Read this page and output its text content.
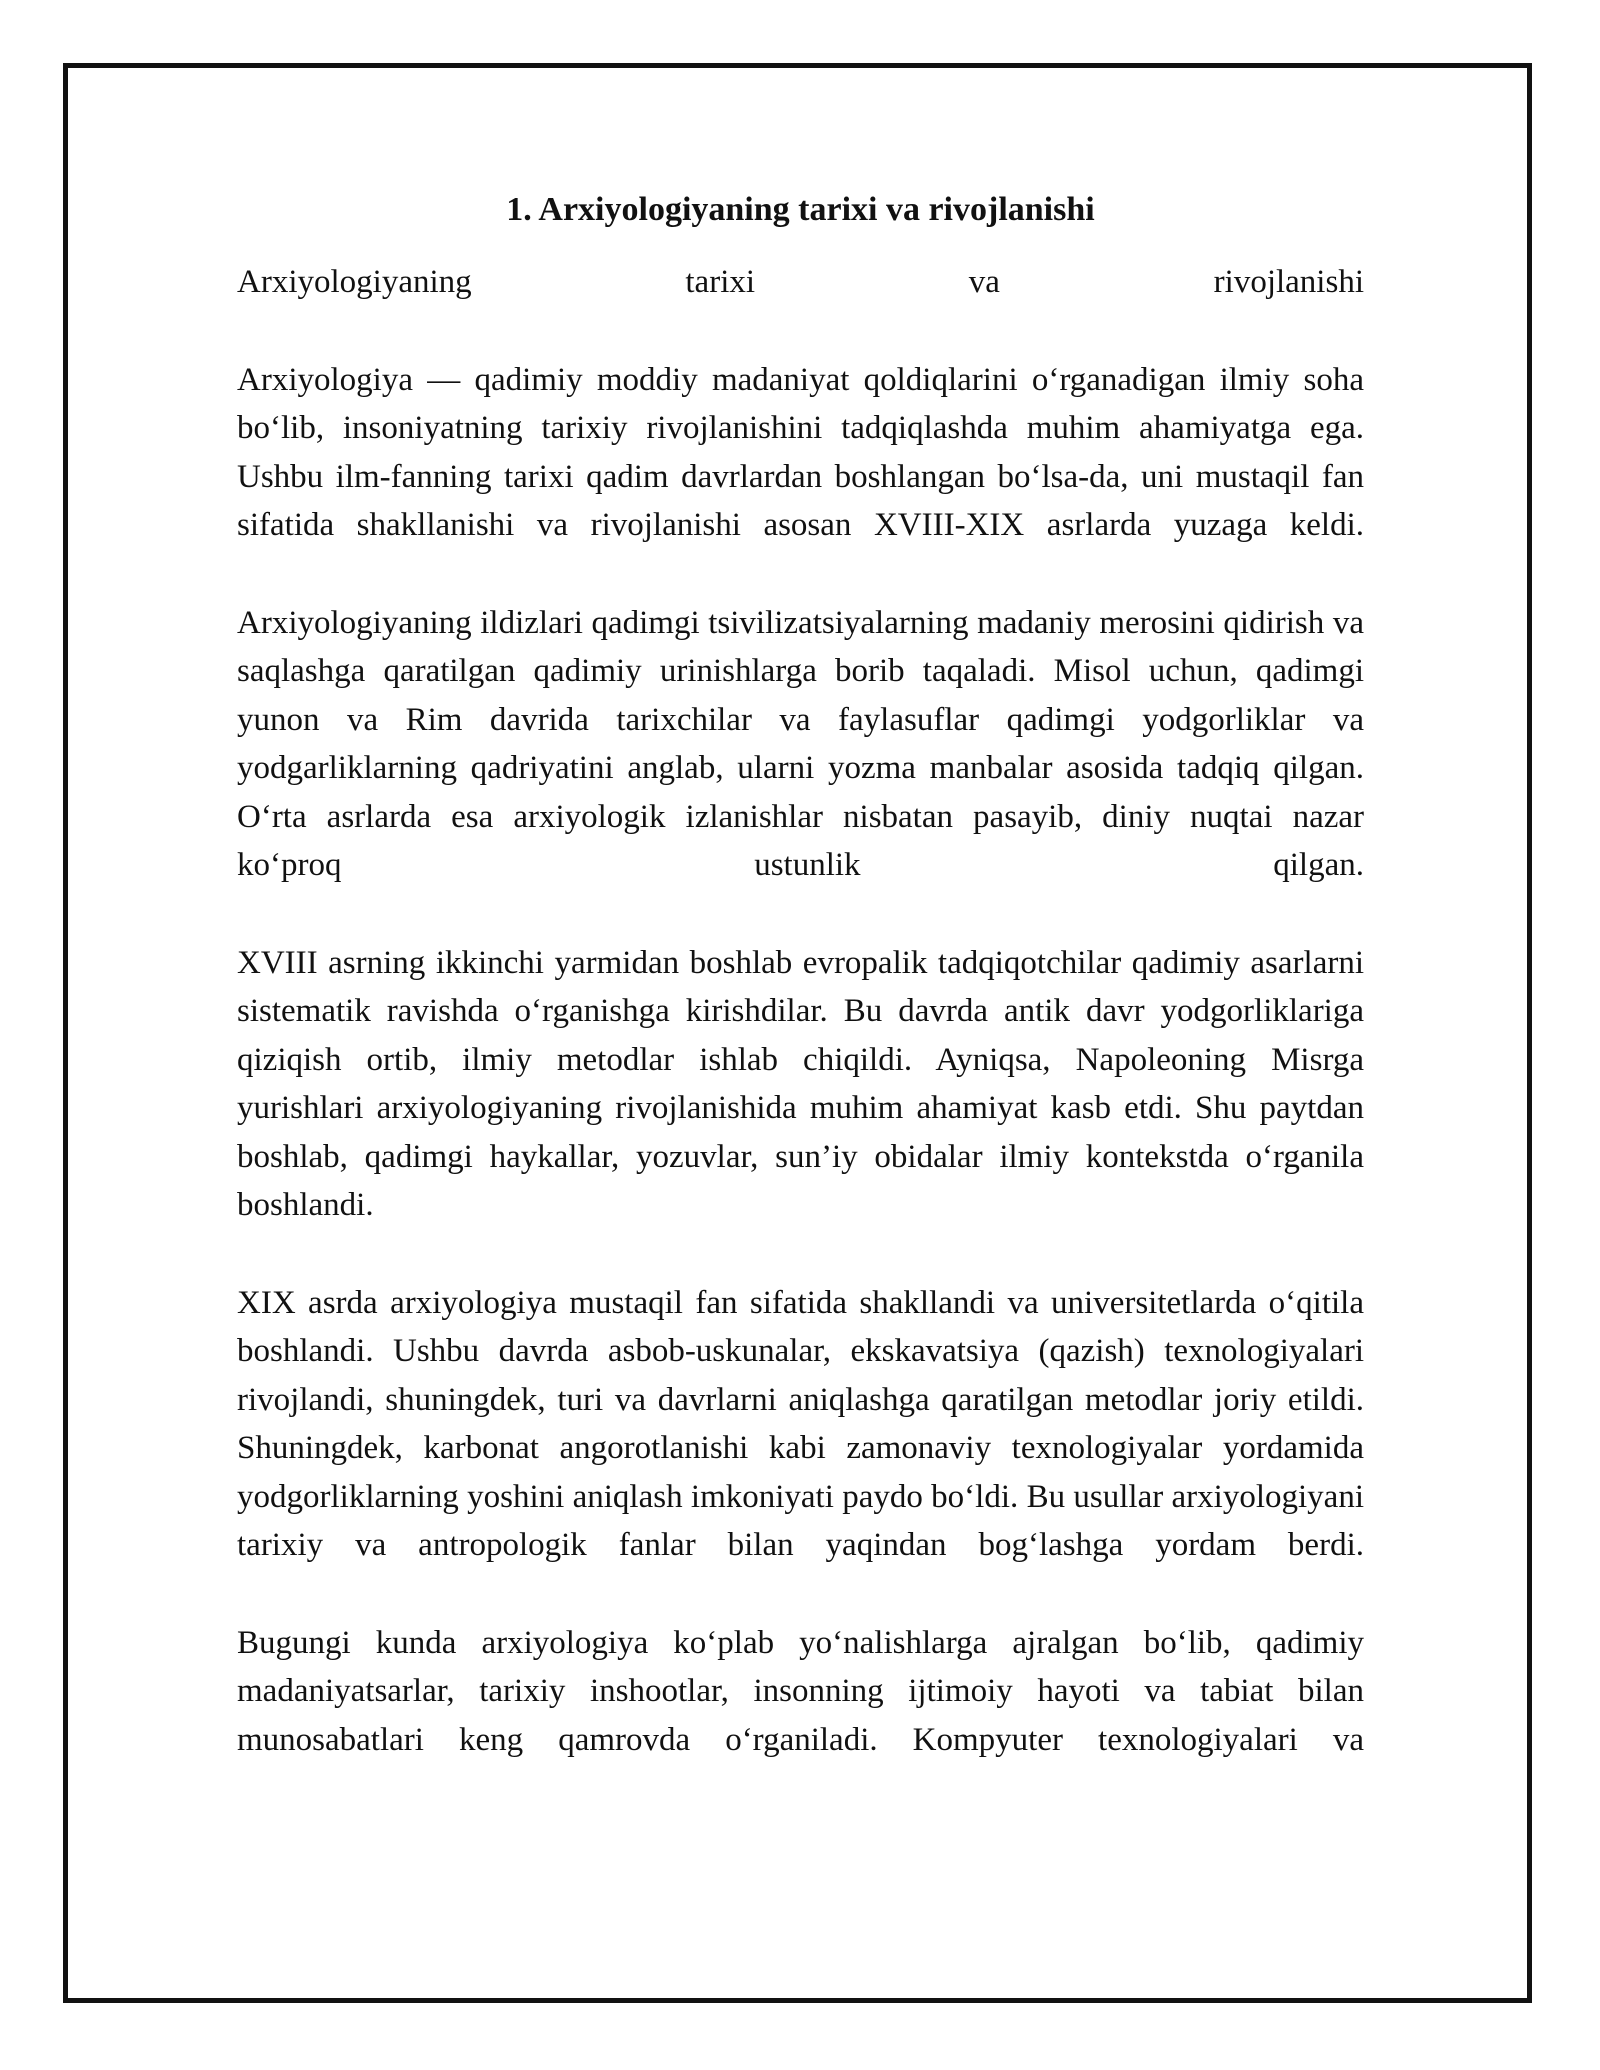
1. Arxiyologiyaning tarixi va rivojlanishi

Arxiyologiyaning tarixi va rivojlanishi

Arxiyologiya — qadimiy moddiy madaniyat qoldiqlarini oʻrganadigan ilmiy soha boʻlib, insoniyatning tarixiy rivojlanishini tadqiqlashda muhim ahamiyatga ega. Ushbu ilm-fanning tarixi qadim davrlardan boshlangan boʻlsa-da, uni mustaqil fan sifatida shakllanishi va rivojlanishi asosan XVIII-XIX asrlarda yuzaga keldi.

Arxiyologiyaning ildizlari qadimgi tsivilizatsiyalarning madaniy merosini qidirish va saqlashga qaratilgan qadimiy urinishlarga borib taqaladi. Misol uchun, qadimgi yunon va Rim davrida tarixchilar va faylasuflar qadimgi yodgorliklar va yodgarliklarning qadriyatini anglab, ularni yozma manbalar asosida tadqiq qilgan. Oʻrta asrlarda esa arxiyologik izlanishlar nisbatan pasayib, diniy nuqtai nazar koʻproq ustunlik qilgan.

XVIII asrning ikkinchi yarmidan boshlab evropalik tadqiqotchilar qadimiy asarlarni sistematik ravishda oʻrganishga kirishdilar. Bu davrda antik davr yodgorliklariga qiziqish ortib, ilmiy metodlar ishlab chiqildi. Ayniqsa, Napoleoning Misrga yurishlari arxiyologiyaning rivojlanishida muhim ahamiyat kasb etdi. Shu paytdan boshlab, qadimgi haykallar, yozuvlar, sun’iy obidalar ilmiy kontekstda oʻrganila boshlandi.

XIX asrda arxiyologiya mustaqil fan sifatida shakllandi va universitetlarda oʻqitila boshlandi. Ushbu davrda asbob-uskunalar, ekskavatsiya (qazish) texnologiyalari rivojlandi, shuningdek, turi va davrlarni aniqlashga qaratilgan metodlar joriy etildi. Shuningdek, karbonat angorotlanishi kabi zamonaviy texnologiyalar yordamida yodgorliklarning yoshini aniqlash imkoniyati paydo boʻldi. Bu usullar arxiyologiyani tarixiy va antropologik fanlar bilan yaqindan bogʻlashga yordam berdi.

Bugungi kunda arxiyologiya koʻplab yoʻnalishlarga ajralgan boʻlib, qadimiy madaniyatsarlar, tarixiy inshootlar, insonning ijtimoiy hayoti va tabiat bilan munosabatlari keng qamrovda oʻrganiladi. Kompyuter texnologiyalari va
